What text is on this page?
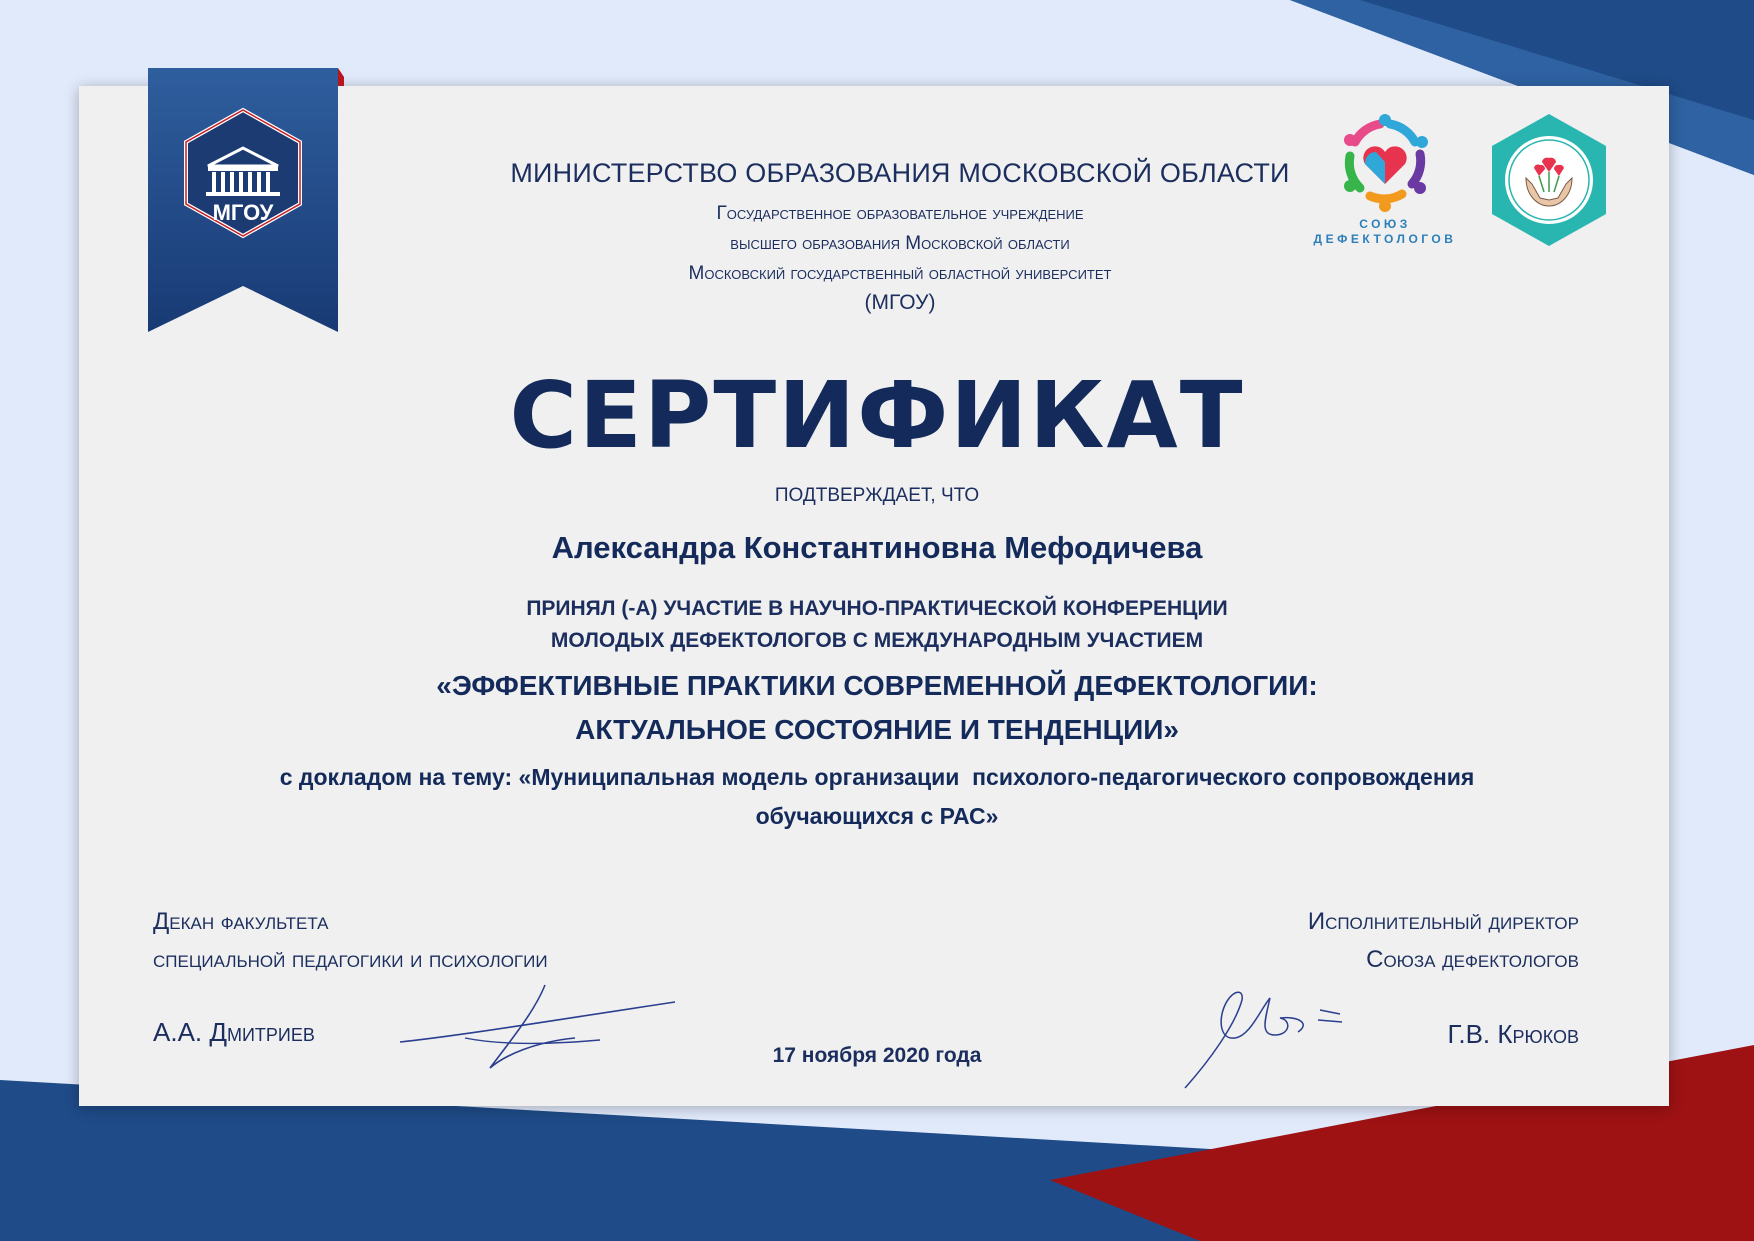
МГОУ
МИНИСТЕРСТВО ОБРАЗОВАНИЯ МОСКОВСКОЙ ОБЛАСТИ
Государственное образовательное учреждение
высшего образования Московской области
Московский государственный областной университет
(МГОУ)
СОЮЗ ДЕФЕКТОЛОГОВ
СЕРТИФИКАТ
ПОДТВЕРЖДАЕТ, ЧТО
Александра Константиновна Мефодичева
ПРИНЯЛ (-А) УЧАСТИЕ В НАУЧНО-ПРАКТИЧЕСКОЙ КОНФЕРЕНЦИИ
МОЛОДЫХ ДЕФЕКТОЛОГОВ С МЕЖДУНАРОДНЫМ УЧАСТИЕМ
«ЭФФЕКТИВНЫЕ ПРАКТИКИ СОВРЕМЕННОЙ ДЕФЕКТОЛОГИИ:
АКТУАЛЬНОЕ СОСТОЯНИЕ И ТЕНДЕНЦИИ»
с докладом на тему: «Муниципальная модель организации  психолого-педагогического сопровождения
обучающихся с РАС»
Декан факультета
специальной педагогики и психологии
А.А. Дмитриев
17 ноября 2020 года
Исполнительный директор
Союза дефектологов
Г.В. Крюков
